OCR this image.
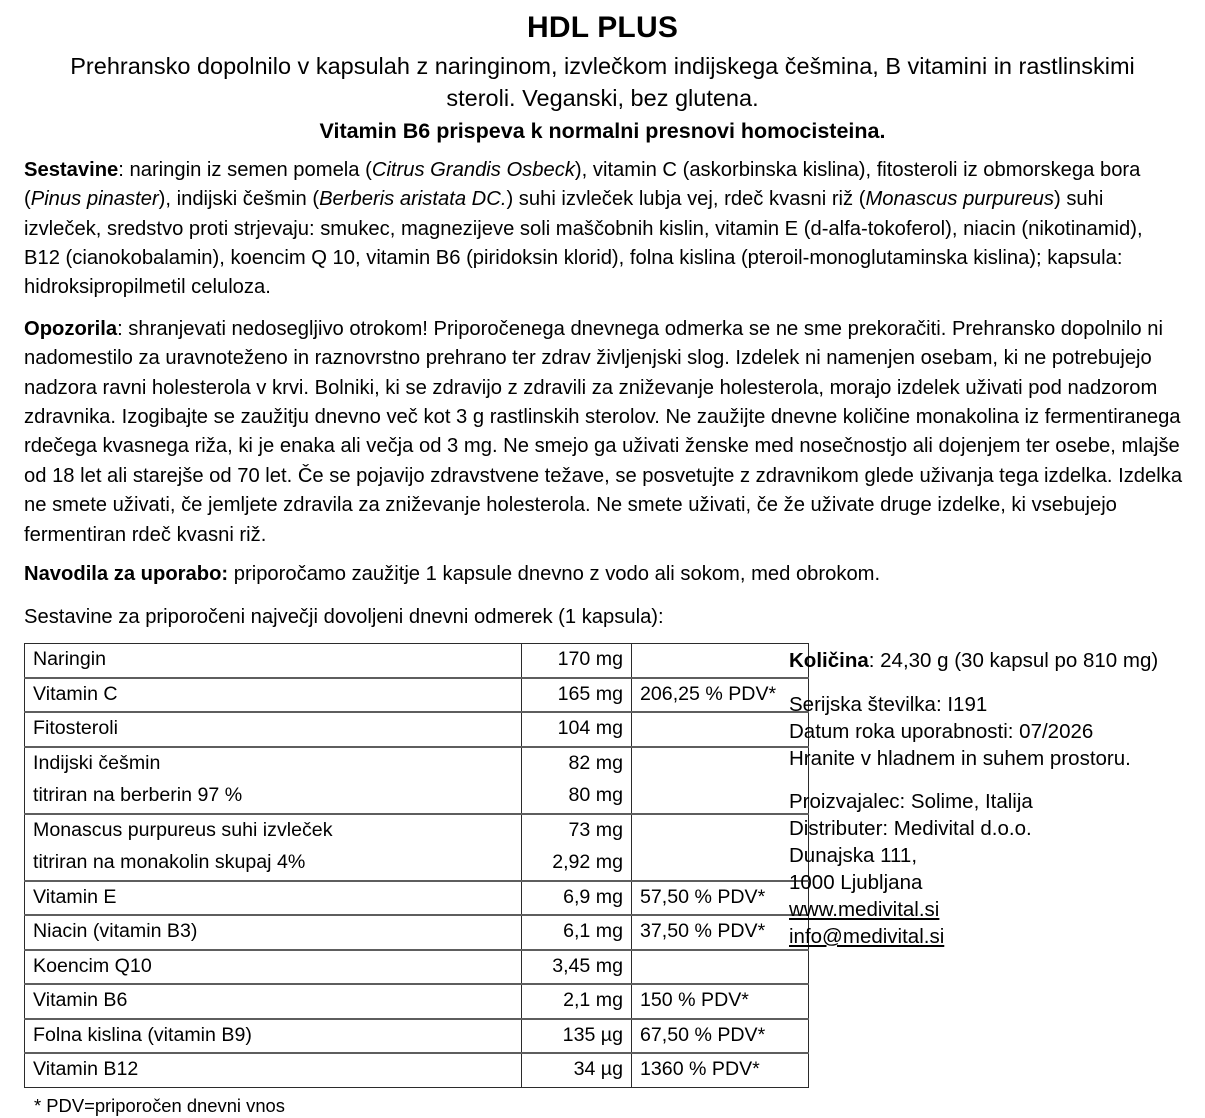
HDL PLUS
Prehransko dopolnilo v kapsulah z naringinom, izvlečkom indijskega češmina, B vitamini in rastlinskimi steroli. Veganski, bez glutena.
Vitamin B6 prispeva k normalni presnovi homocisteina.

Sestavine: naringin iz semen pomela (Citrus Grandis Osbeck), vitamin C (askorbinska kislina), fitosteroli iz obmorskega bora (Pinus pinaster), indijski češmin (Berberis aristata DC.) suhi izvleček lubja vej, rdeč kvasni riž (Monascus purpureus) suhi izvleček, sredstvo proti strjevaju: smukec, magnezijeve soli maščobnih kislin, vitamin E (d-alfa-tokoferol), niacin (nikotinamid), B12 (cianokobalamin), koencim Q 10, vitamin B6 (piridoksin klorid), folna kislina (pteroil-monoglutaminska kislina); kapsula: hidroksipropilmetil celuloza.

Opozorila: shranjevati nedosegljivo otrokom! Priporočenega dnevnega odmerka se ne sme prekoračiti. Prehransko dopolnilo ni nadomestilo za uravnoteženo in raznovrstno prehrano ter zdrav življenjski slog. Izdelek ni namenjen osebam, ki ne potrebujejo nadzora ravni holesterola v krvi. Bolniki, ki se zdravijo z zdravili za zniževanje holesterola, morajo izdelek uživati pod nadzorom zdravnika. Izogibajte se zaužitju dnevno več kot 3 g rastlinskih sterolov. Ne zaužijte dnevne količine monakolina iz fermentiranega rdečega kvasnega riža, ki je enaka ali večja od 3 mg. Ne smejo ga uživati ženske med nosečnostjo ali dojenjem ter osebe, mlajše od 18 let ali starejše od 70 let. Če se pojavijo zdravstvene težave, se posvetujte z zdravnikom glede uživanja tega izdelka. Izdelka ne smete uživati, če jemljete zdravila za zniževanje holesterola. Ne smete uživati, če že uživate druge izdelke, ki vsebujejo fermentiran rdeč kvasni riž.

Navodila za uporabo: priporočamo zaužitje 1 kapsule dnevno z vodo ali sokom, med obrokom.

Sestavine za priporočeni največji dovoljeni dnevni odmerek (1 kapsula):
Naringin	170 mg	
Vitamin C	165 mg	206,25 % PDV*
Fitosteroli	104 mg	
Indijski češmin	82 mg	
titriran na berberin 97 %	80 mg	
Monascus purpureus suhi izvleček	73 mg	
titriran na monakolin skupaj 4%	2,92 mg	
Vitamin E	6,9 mg	57,50 % PDV*
Niacin (vitamin B3)	6,1 mg	37,50 % PDV*
Koencim Q10	3,45 mg	
Vitamin B6	2,1 mg	150 % PDV*
Folna kislina (vitamin B9)	135 µg	67,50 % PDV*
Vitamin B12	34 µg	1360 % PDV*
* PDV=priporočen dnevni vnos
Količina: 24,30 g (30 kapsul po 810 mg)
Serijska številka: I191
Datum roka uporabnosti: 07/2026
Hranite v hladnem in suhem prostoru.
Proizvajalec: Solime, Italija
Distributer: Medivital d.o.o.
Dunajska 111,
1000 Ljubljana
www.medivital.si
info@medivital.si
